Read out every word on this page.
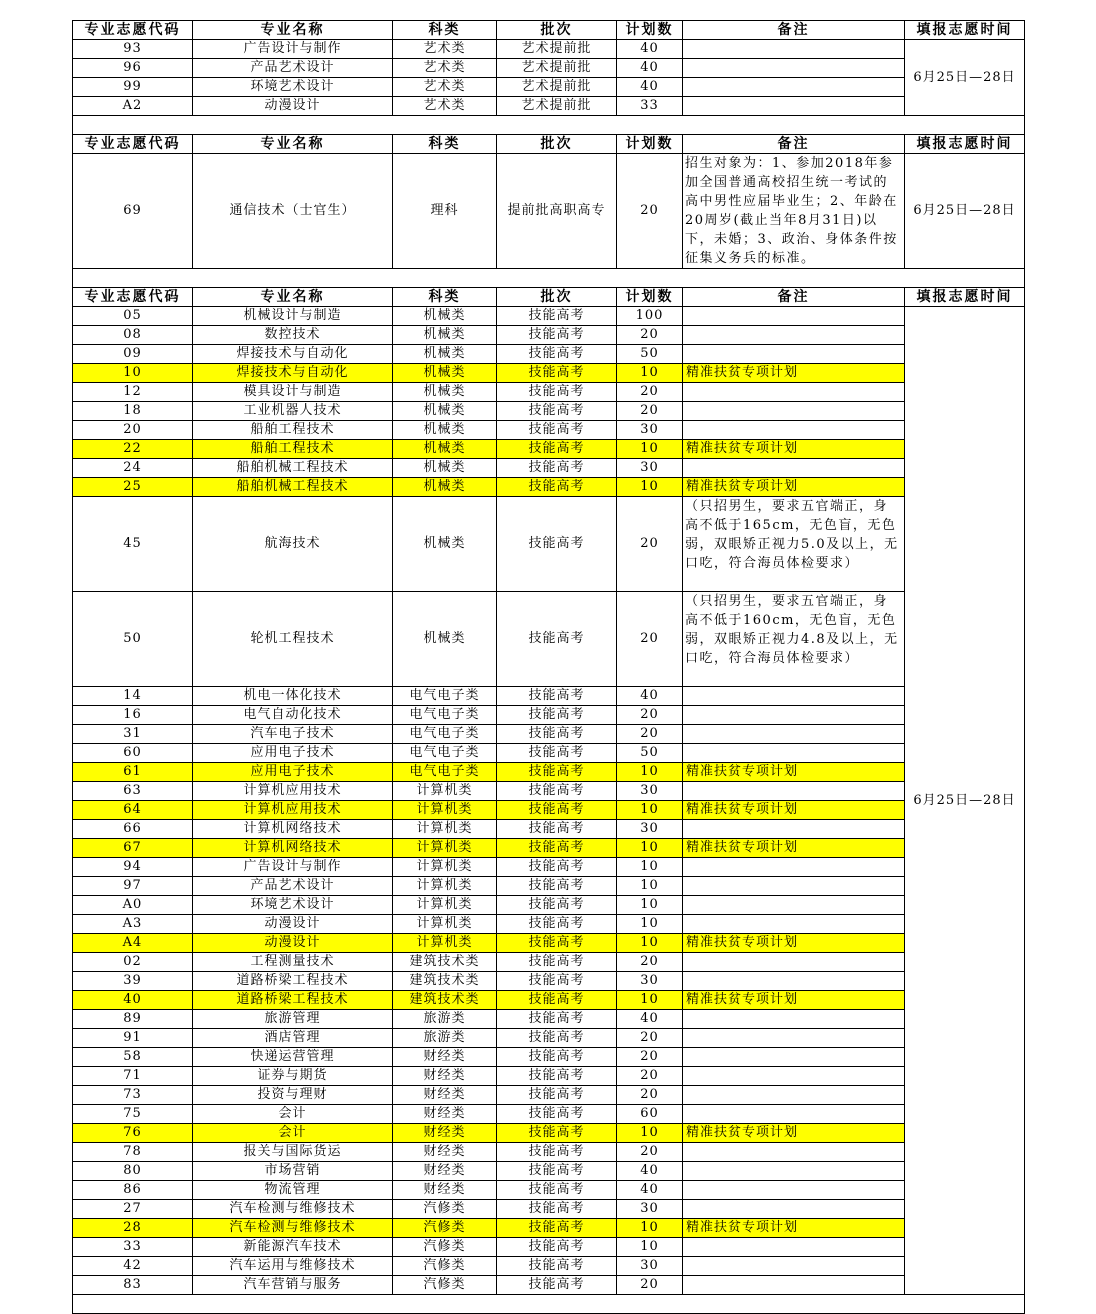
专业志愿代码	专业名称	科类	批次	计划数	备注	填报志愿时间
93	广告设计与制作	艺术类	艺术提前批	40		6月25日—28日
96	产品艺术设计	艺术类	艺术提前批	40		
99	环境艺术设计	艺术类	艺术提前批	40		
A2	动漫设计	艺术类	艺术提前批	33		

专业志愿代码	专业名称	科类	批次	计划数	备注	填报志愿时间
69	通信技术（士官生）	理科	提前批高职高专	20	招生对象为：1、参加2018年参加全国普通高校招生统一考试的高中男性应届毕业生；2、年龄在20周岁(截止当年8月31日)以下，未婚；3、政治、身体条件按征集义务兵的标准。	6月25日—28日

专业志愿代码	专业名称	科类	批次	计划数	备注	填报志愿时间
05	机械设计与制造	机械类	技能高考	100		6月25日—28日
08	数控技术	机械类	技能高考	20		
09	焊接技术与自动化	机械类	技能高考	50		
10	焊接技术与自动化	机械类	技能高考	10	精准扶贫专项计划	
12	模具设计与制造	机械类	技能高考	20		
18	工业机器人技术	机械类	技能高考	20		
20	船舶工程技术	机械类	技能高考	30		
22	船舶工程技术	机械类	技能高考	10	精准扶贫专项计划	
24	船舶机械工程技术	机械类	技能高考	30		
25	船舶机械工程技术	机械类	技能高考	10	精准扶贫专项计划	
45	航海技术	机械类	技能高考	20	（只招男生，要求五官端正，身高不低于165cm，无色盲，无色弱，双眼矫正视力5.0及以上，无口吃，符合海员体检要求）	
50	轮机工程技术	机械类	技能高考	20	（只招男生，要求五官端正，身高不低于160cm，无色盲，无色弱，双眼矫正视力4.8及以上，无口吃，符合海员体检要求）	
14	机电一体化技术	电气电子类	技能高考	40		
16	电气自动化技术	电气电子类	技能高考	20		
31	汽车电子技术	电气电子类	技能高考	20		
60	应用电子技术	电气电子类	技能高考	50		
61	应用电子技术	电气电子类	技能高考	10	精准扶贫专项计划	
63	计算机应用技术	计算机类	技能高考	30		
64	计算机应用技术	计算机类	技能高考	10	精准扶贫专项计划	
66	计算机网络技术	计算机类	技能高考	30		
67	计算机网络技术	计算机类	技能高考	10	精准扶贫专项计划	
94	广告设计与制作	计算机类	技能高考	10		
97	产品艺术设计	计算机类	技能高考	10		
A0	环境艺术设计	计算机类	技能高考	10		
A3	动漫设计	计算机类	技能高考	10		
A4	动漫设计	计算机类	技能高考	10	精准扶贫专项计划	
02	工程测量技术	建筑技术类	技能高考	20		
39	道路桥梁工程技术	建筑技术类	技能高考	30		
40	道路桥梁工程技术	建筑技术类	技能高考	10	精准扶贫专项计划	
89	旅游管理	旅游类	技能高考	40		
91	酒店管理	旅游类	技能高考	20		
58	快递运营管理	财经类	技能高考	20		
71	证券与期货	财经类	技能高考	20		
73	投资与理财	财经类	技能高考	20		
75	会计	财经类	技能高考	60		
76	会计	财经类	技能高考	10	精准扶贫专项计划	
78	报关与国际货运	财经类	技能高考	20		
80	市场营销	财经类	技能高考	40		
86	物流管理	财经类	技能高考	40		
27	汽车检测与维修技术	汽修类	技能高考	30		
28	汽车检测与维修技术	汽修类	技能高考	10	精准扶贫专项计划	
33	新能源汽车技术	汽修类	技能高考	10		
42	汽车运用与维修技术	汽修类	技能高考	30		
83	汽车营销与服务	汽修类	技能高考	20		
